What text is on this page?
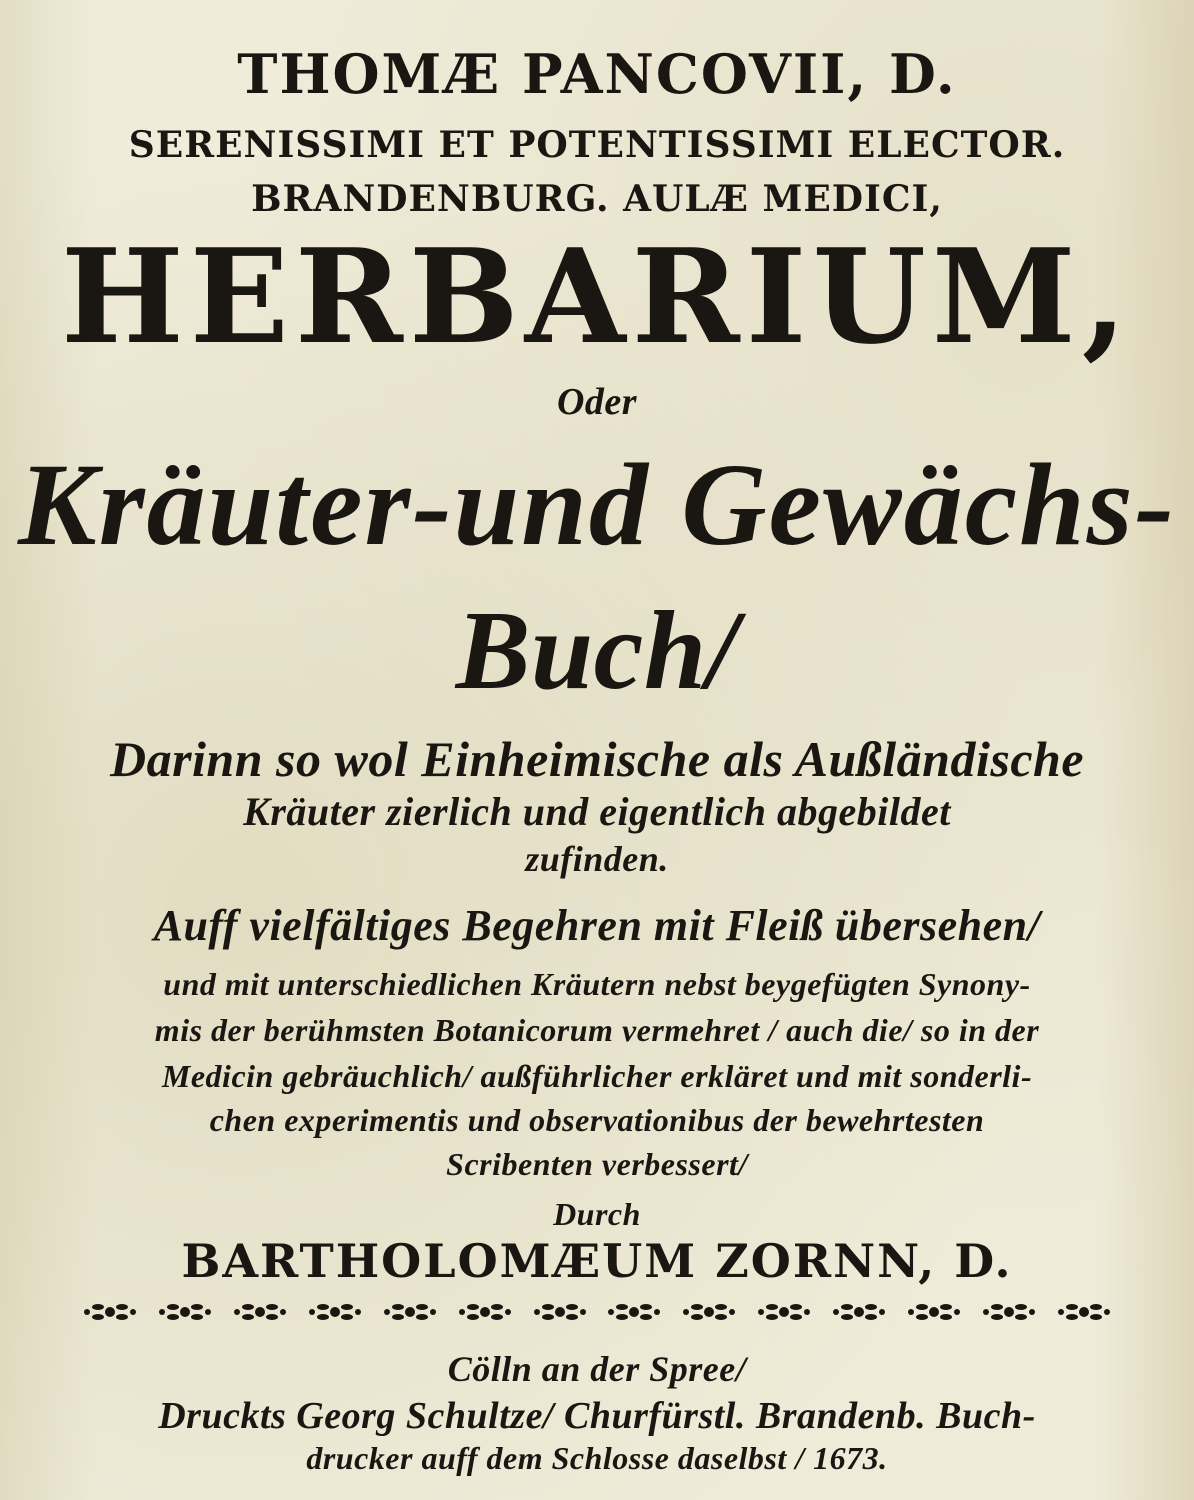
THOMÆ PANCOVII, D.
SERENISSIMI ET POTENTISSIMI ELECTOR.
BRANDENBURG. AULÆ MEDICI,
HERBARIUM,
Oder
Kräuter-und Gewächs-
Buch/
Darinn so wol Einheimische als Außländische
Kräuter zierlich und eigentlich abgebildet
zufinden.
Auff vielfältiges Begehren mit Fleiß übersehen/
und mit unterschiedlichen Kräutern nebst beygefügten Synony-
mis der berühmsten Botanicorum vermehret / auch die/ so in der
Medicin gebräuchlich/ außführlicher erkläret und mit sonderli-
chen experimentis und observationibus der bewehrtesten
Scribenten verbessert/
Durch
BARTHOLOMÆUM ZORNN, D.
Cölln an der Spree/
Druckts Georg Schultze/ Churfürstl. Brandenb. Buch-
drucker auff dem Schlosse daselbst / 1673.
